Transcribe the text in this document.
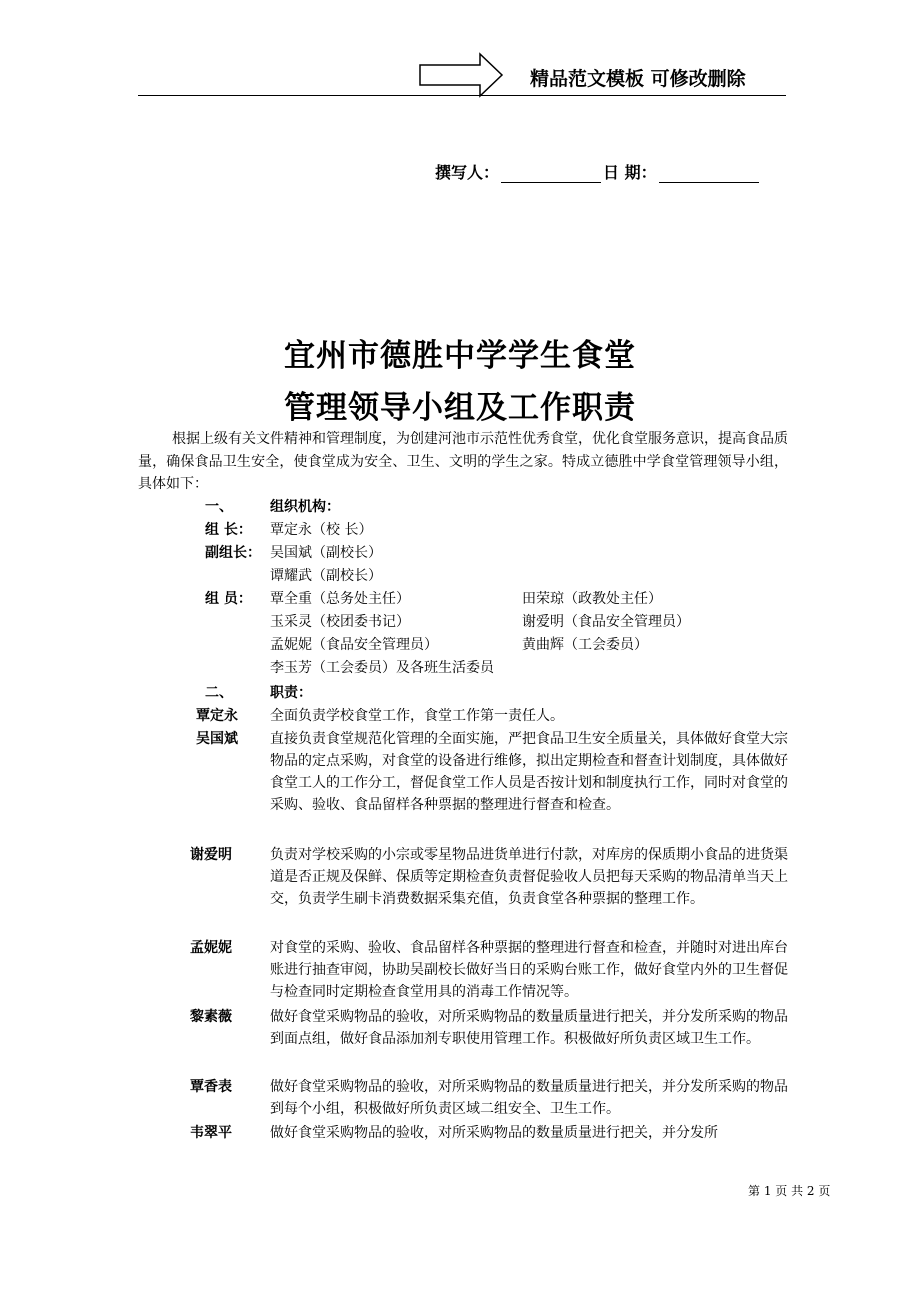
精品范文模板 可修改删除
撰写人：	日 期：
宜州市德胜中学学生食堂
管理领导小组及工作职责
根据上级有关文件精神和管理制度，为创建河池市示范性优秀食堂，优化食堂服务意识，提高食品质量，确保食品卫生安全，使食堂成为安全、卫生、文明的学生之家。特成立德胜中学食堂管理领导小组，具体如下：
一、	组织机构：
组 长： 覃定永（校 长）
副组长： 吴国斌（副校长）
谭耀武（副校长）
组 员： 覃全重（总务处主任）	田荣琼（政教处主任）
玉采灵（校团委书记）	谢爱明（食品安全管理员）
孟妮妮（食品安全管理员）	黄曲辉（工会委员）
李玉芳（工会委员）及各班生活委员
二、	职责：
覃定永 全面负责学校食堂工作，食堂工作第一责任人。
吴国斌 直接负责食堂规范化管理的全面实施，严把食品卫生安全质量关，具体做好食堂大宗物品的定点采购，对食堂的设备进行维修，拟出定期检查和督查计划制度，具体做好食堂工人的工作分工，督促食堂工作人员是否按计划和制度执行工作，同时对食堂的采购、验收、食品留样各种票据的整理进行督查和检查。
谢爱明	负责对学校采购的小宗或零星物品进货单进行付款，对库房的保质期小食品的进货渠道是否正规及保鲜、保质等定期检查负责督促验收人员把每天采购的物品清单当天上交，负责学生刷卡消费数据采集充值，负责食堂各种票据的整理工作。
孟妮妮	对食堂的采购、验收、食品留样各种票据的整理进行督查和检查，并随时对进出库台账进行抽查审阅，协助吴副校长做好当日的采购台账工作，做好食堂内外的卫生督促与检查同时定期检查食堂用具的消毒工作情况等。
黎素薇	做好食堂采购物品的验收，对所采购物品的数量质量进行把关，并分发所采购的物品到面点组，做好食品添加剂专职使用管理工作。积极做好所负责区域卫生工作。
覃香表	做好食堂采购物品的验收，对所采购物品的数量质量进行把关，并分发所采购的物品到每个小组，积极做好所负责区域二组安全、卫生工作。
韦翠平	做好食堂采购物品的验收，对所采购物品的数量质量进行把关，并分发所
第 1 页 共 2 页
